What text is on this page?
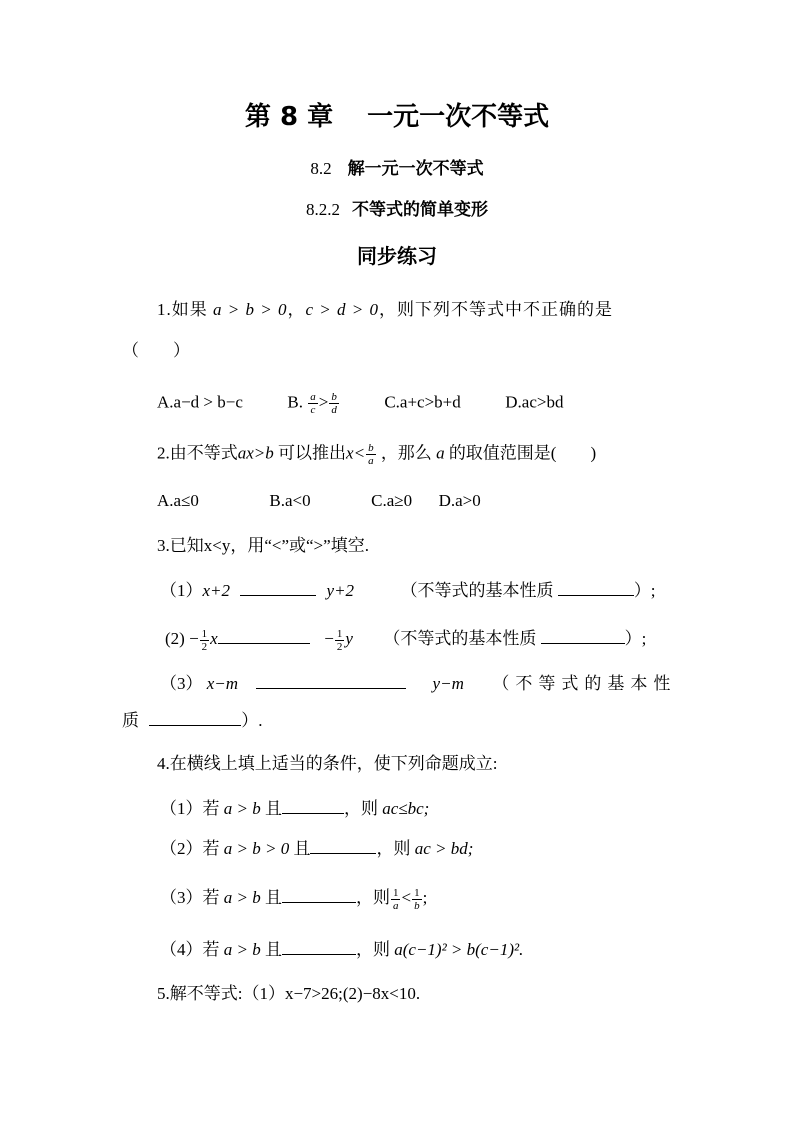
第 8 章 一元一次不等式
8.2 解一元一次不等式
8.2.2 不等式的简单变形
同步练习
1.如果 a > b > 0，c > d > 0，则下列不等式中不正确的是
（　　）
A.a−d > b−c	B. $\frac{a}{c} > \frac{b}{d}$	C.a+c>b+d	D.ac>bd
2.由不等式ax>b 可以推出$x< \frac{b}{a}$ ，那么 a 的取值范围是(　　)
A.a≤0	B.a<0	C.a≥0 D.a>0
3.已知x<y，用“<”或“>”填空.
（1）x+2	y+2	（不等式的基本性质	）;
$(2) - \frac{1}{2}$ x	− $\frac{1}{2}$ y （不等式的基本性质	）;
（3） x−m	y−m （不等式的基本性
质	）.
4.在横线上填上适当的条件，使下列命题成立:
（1）若 a > b 且	，则 ac≤bc;
（2）若 a > b > 0 且	，则 ac > bd;
（3）若 a > b 且	，则 $\frac{1}{a} < \frac{1}{b}$ ;
（4）若 a > b 且	，则 a(c−1)² > b(c−1)².
5.解不等式:（1）x−7>26;(2)−8x<10.
